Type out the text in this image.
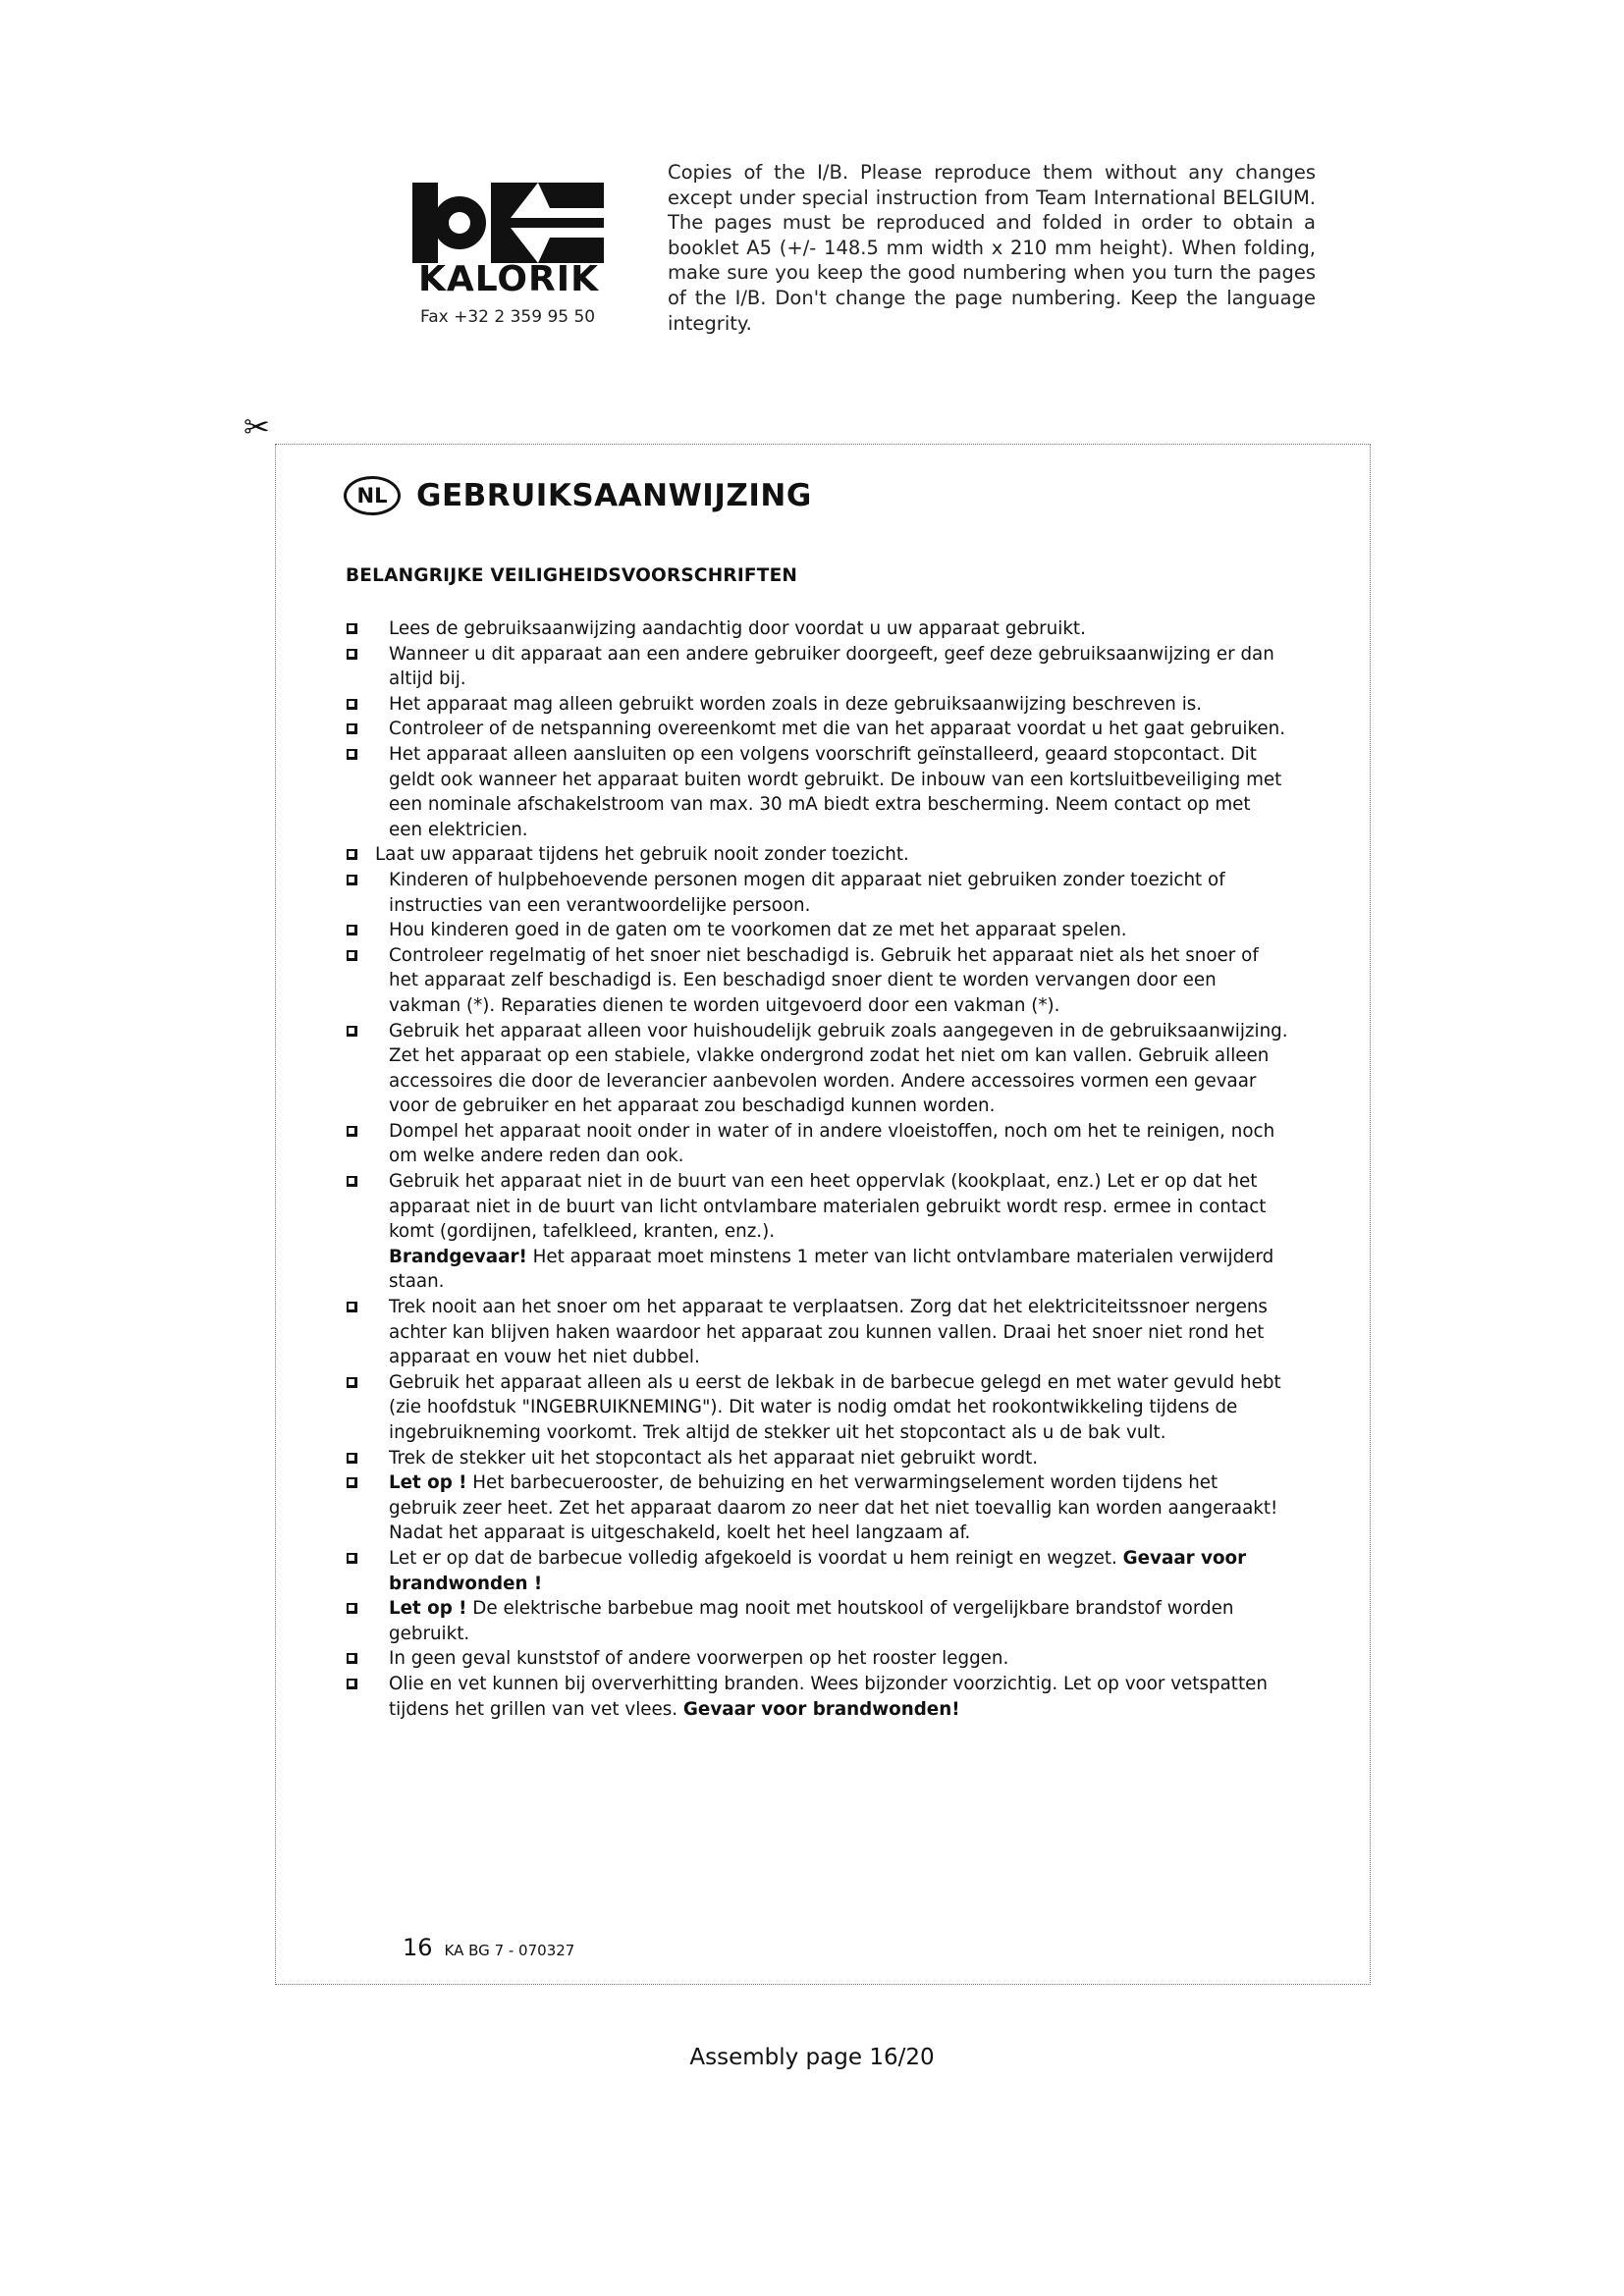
KALORIK
Fax +32 2 359 95 50
Copies of the I/B. Please reproduce them without any changes except under special instruction from Team International BELGIUM. The pages must be reproduced and folded in order to obtain a booklet A5 (+/- 148.5 mm width x 210 mm height). When folding, make sure you keep the good numbering when you turn the pages of the I/B. Don't change the page numbering. Keep the language integrity.
✂
NL GEBRUIKSAANWIJZING
BELANGRIJKE VEILIGHEIDSVOORSCHRIFTEN
Lees de gebruiksaanwijzing aandachtig door voordat u uw apparaat gebruikt.
Wanneer u dit apparaat aan een andere gebruiker doorgeeft, geef deze gebruiksaanwijzing er dan altijd bij.
Het apparaat mag alleen gebruikt worden zoals in deze gebruiksaanwijzing beschreven is.
Controleer of de netspanning overeenkomt met die van het apparaat voordat u het gaat gebruiken.
Het apparaat alleen aansluiten op een volgens voorschrift geïnstalleerd, geaard stopcontact. Dit geldt ook wanneer het apparaat buiten wordt gebruikt. De inbouw van een kortsluitbeveiliging met een nominale afschakelstroom van max. 30 mA biedt extra bescherming. Neem contact op met een elektricien.
Laat uw apparaat tijdens het gebruik nooit zonder toezicht.
Kinderen of hulpbehoevende personen mogen dit apparaat niet gebruiken zonder toezicht of instructies van een verantwoordelijke persoon.
Hou kinderen goed in de gaten om te voorkomen dat ze met het apparaat spelen.
Controleer regelmatig of het snoer niet beschadigd is. Gebruik het apparaat niet als het snoer of het apparaat zelf beschadigd is. Een beschadigd snoer dient te worden vervangen door een vakman (*). Reparaties dienen te worden uitgevoerd door een vakman (*).
Gebruik het apparaat alleen voor huishoudelijk gebruik zoals aangegeven in de gebruiksaanwijzing. Zet het apparaat op een stabiele, vlakke ondergrond zodat het niet om kan vallen. Gebruik alleen accessoires die door de leverancier aanbevolen worden. Andere accessoires vormen een gevaar voor de gebruiker en het apparaat zou beschadigd kunnen worden.
Dompel het apparaat nooit onder in water of in andere vloeistoffen, noch om het te reinigen, noch om welke andere reden dan ook.
Gebruik het apparaat niet in de buurt van een heet oppervlak (kookplaat, enz.) Let er op dat het apparaat niet in de buurt van licht ontvlambare materialen gebruikt wordt resp. ermee in contact komt (gordijnen, tafelkleed, kranten, enz.).
Brandgevaar! Het apparaat moet minstens 1 meter van licht ontvlambare materialen verwijderd staan.
Trek nooit aan het snoer om het apparaat te verplaatsen. Zorg dat het elektriciteitssnoer nergens achter kan blijven haken waardoor het apparaat zou kunnen vallen. Draai het snoer niet rond het apparaat en vouw het niet dubbel.
Gebruik het apparaat alleen als u eerst de lekbak in de barbecue gelegd en met water gevuld hebt (zie hoofdstuk "INGEBRUIKNEMING"). Dit water is nodig omdat het rookontwikkeling tijdens de ingebruikneming voorkomt. Trek altijd de stekker uit het stopcontact als u de bak vult.
Trek de stekker uit het stopcontact als het apparaat niet gebruikt wordt.
Let op ! Het barbecuerooster, de behuizing en het verwarmingselement worden tijdens het gebruik zeer heet. Zet het apparaat daarom zo neer dat het niet toevallig kan worden aangeraakt! Nadat het apparaat is uitgeschakeld, koelt het heel langzaam af.
Let er op dat de barbecue volledig afgekoeld is voordat u hem reinigt en wegzet. Gevaar voor brandwonden !
Let op ! De elektrische barbebue mag nooit met houtskool of vergelijkbare brandstof worden gebruikt.
In geen geval kunststof of andere voorwerpen op het rooster leggen.
Olie en vet kunnen bij oververhitting branden. Wees bijzonder voorzichtig. Let op voor vetspatten tijdens het grillen van vet vlees. Gevaar voor brandwonden!
16 KA BG 7 - 070327
Assembly page 16/20
